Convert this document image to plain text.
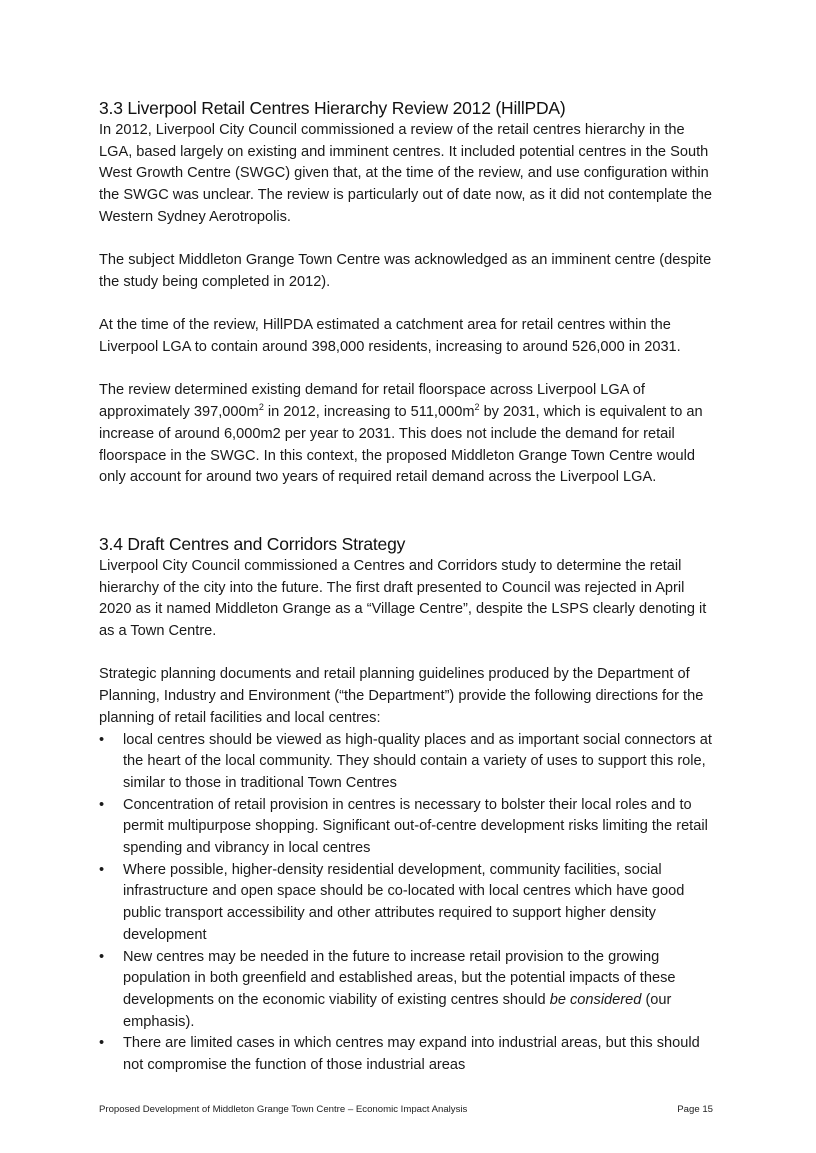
3.3 Liverpool Retail Centres Hierarchy Review 2012 (HillPDA)

In 2012, Liverpool City Council commissioned a review of the retail centres hierarchy in the LGA, based largely on existing and imminent centres. It included potential centres in the South West Growth Centre (SWGC) given that, at the time of the review, and use configuration within the SWGC was unclear. The review is particularly out of date now, as it did not contemplate the Western Sydney Aerotropolis.

The subject Middleton Grange Town Centre was acknowledged as an imminent centre (despite the study being completed in 2012).

At the time of the review, HillPDA estimated a catchment area for retail centres within the Liverpool LGA to contain around 398,000 residents, increasing to around 526,000 in 2031.

The review determined existing demand for retail floorspace across Liverpool LGA of approximately $397,000m^2$ in 2012, increasing to $511,000m^2$ by 2031, which is equivalent to an increase of around 6,000m2 per year to 2031. This does not include the demand for retail floorspace in the SWGC. In this context, the proposed Middleton Grange Town Centre would only account for around two years of required retail demand across the Liverpool LGA.

3.4 Draft Centres and Corridors Strategy

Liverpool City Council commissioned a Centres and Corridors study to determine the retail hierarchy of the city into the future. The first draft presented to Council was rejected in April 2020 as it named Middleton Grange as a “Village Centre”, despite the LSPS clearly denoting it as a Town Centre.

Strategic planning documents and retail planning guidelines produced by the Department of Planning, Industry and Environment (“the Department”) provide the following directions for the planning of retail facilities and local centres:

•	local centres should be viewed as high-quality places and as important social connectors at the heart of the local community. They should contain a variety of uses to support this role, similar to those in traditional Town Centres
•	Concentration of retail provision in centres is necessary to bolster their local roles and to permit multipurpose shopping. Significant out-of-centre development risks limiting the retail spending and vibrancy in local centres
•	Where possible, higher-density residential development, community facilities, social infrastructure and open space should be co-located with local centres which have good public transport accessibility and other attributes required to support higher density development
•	New centres may be needed in the future to increase retail provision to the growing population in both greenfield and established areas, but the potential impacts of these developments on the economic viability of existing centres should be considered (our emphasis).
•	There are limited cases in which centres may expand into industrial areas, but this should not compromise the function of those industrial areas
Proposed Development of Middleton Grange Town Centre – Economic Impact Analysis	Page 15
